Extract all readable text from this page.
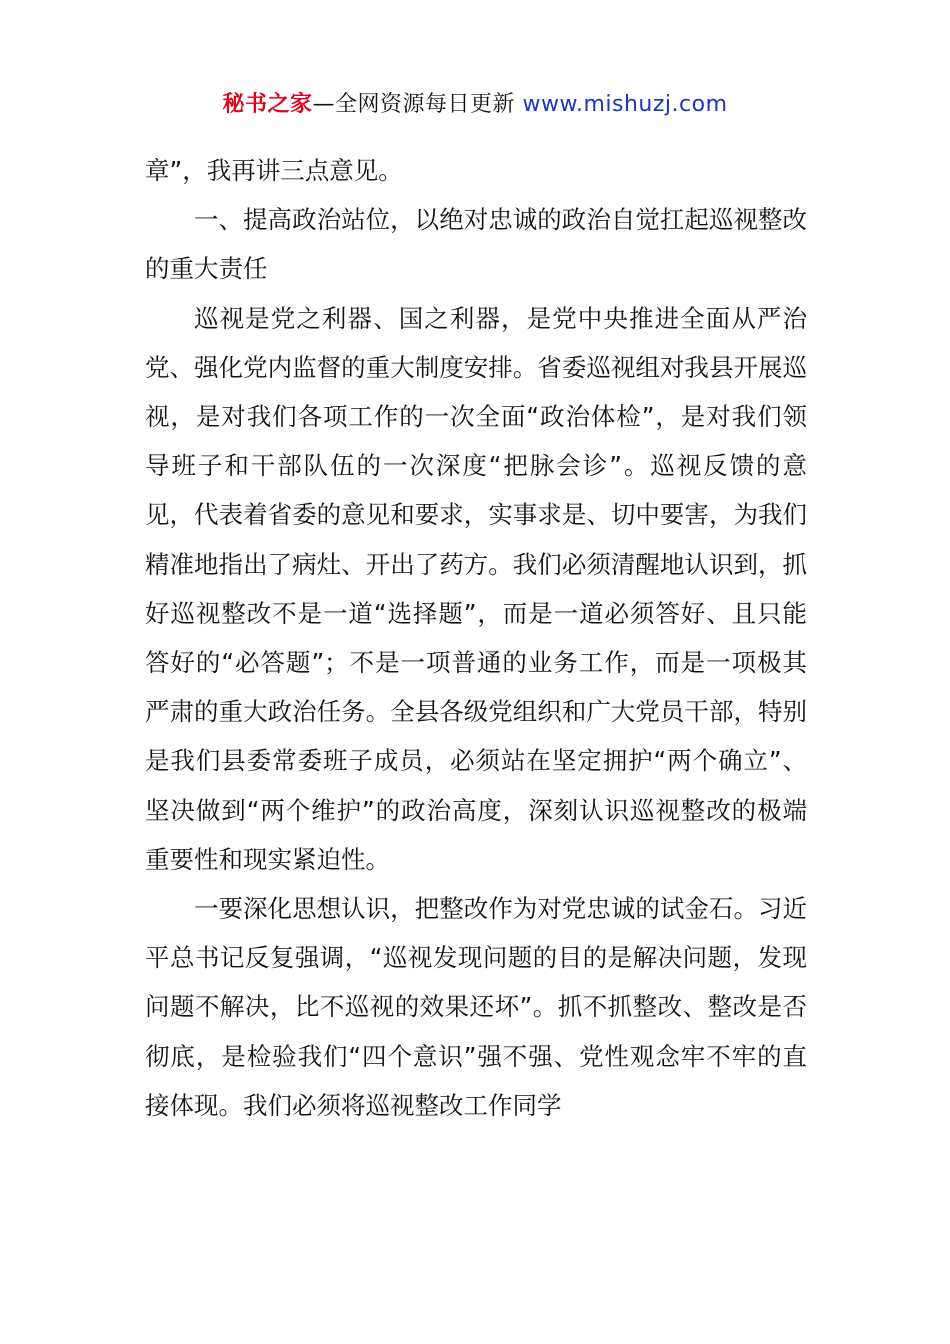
秘书之家—全网资源每日更新 www.mishuzj.com

章”，我再讲三点意见。

一、提高政治站位，以绝对忠诚的政治自觉扛起巡视整改的重大责任

巡视是党之利器、国之利器，是党中央推进全面从严治党、强化党内监督的重大制度安排。省委巡视组对我县开展巡视，是对我们各项工作的一次全面“政治体检”，是对我们领导班子和干部队伍的一次深度“把脉会诊”。巡视反馈的意见，代表着省委的意见和要求，实事求是、切中要害，为我们精准地指出了病灶、开出了药方。我们必须清醒地认识到，抓好巡视整改不是一道“选择题”，而是一道必须答好、且只能答好的“必答题”；不是一项普通的业务工作，而是一项极其严肃的重大政治任务。全县各级党组织和广大党员干部，特别是我们县委常委班子成员，必须站在坚定拥护“两个确立”、坚决做到“两个维护”的政治高度，深刻认识巡视整改的极端重要性和现实紧迫性。

一要深化思想认识，把整改作为对党忠诚的试金石。习近平总书记反复强调，“巡视发现问题的目的是解决问题，发现问题不解决，比不巡视的效果还坏”。抓不抓整改、整改是否彻底，是检验我们“四个意识”强不强、党性观念牢不牢的直接体现。我们必须将巡视整改工作同学
